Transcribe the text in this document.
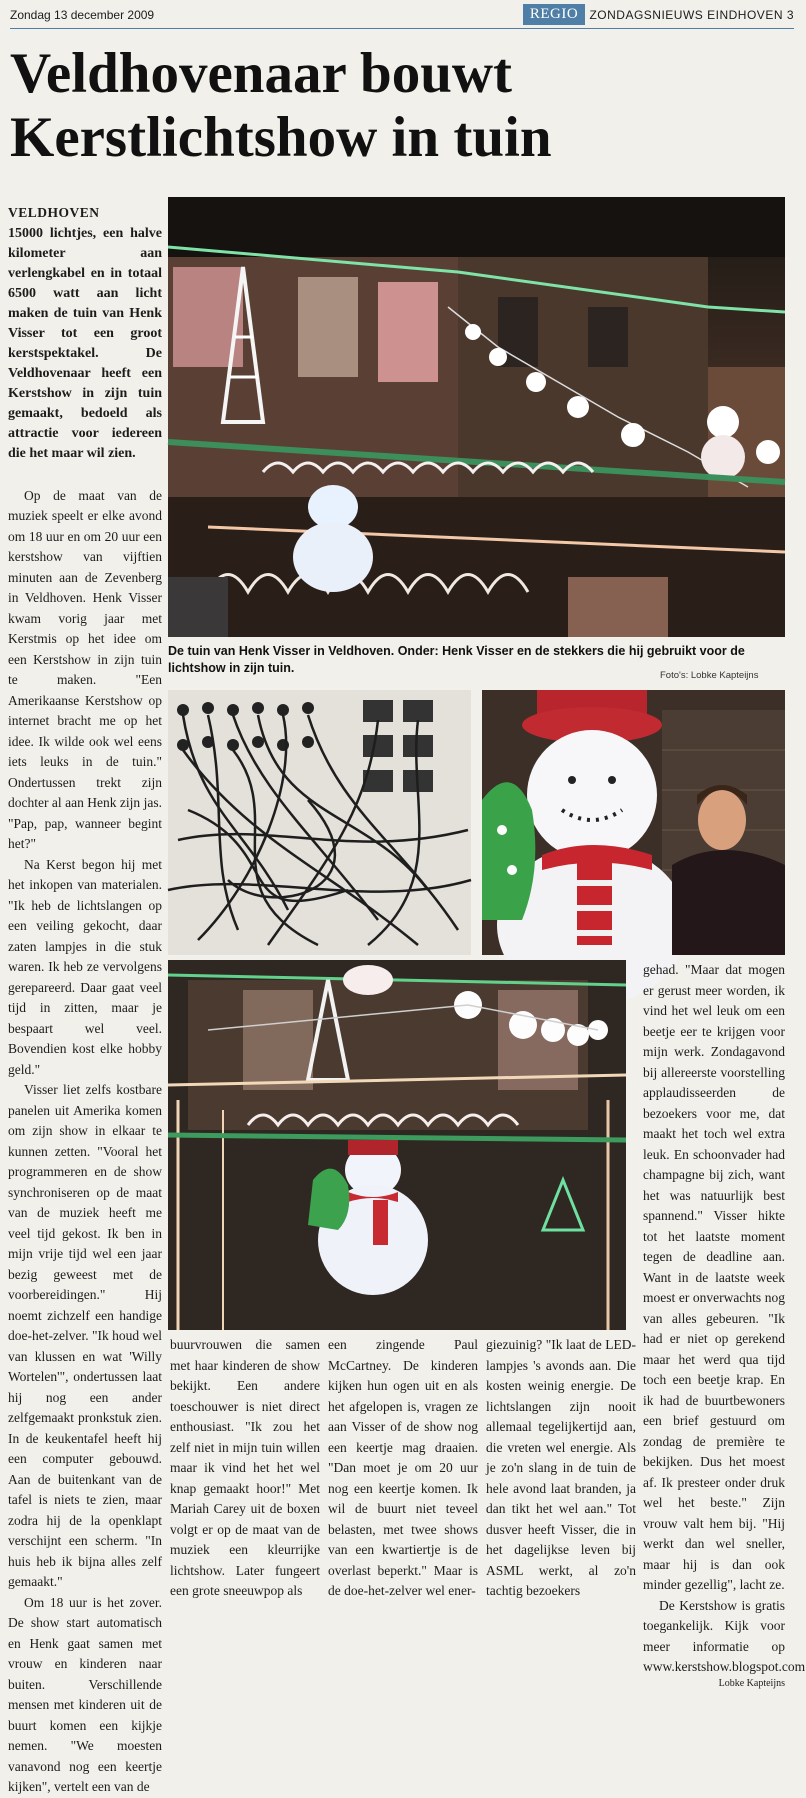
Zondag 13 december 2009	REGIO ZONDAGSNIEUWS EINDHOVEN 3
Veldhovenaar bouwt Kerstlichtshow in tuin

VELDHOVEN

15000 lichtjes, een halve kilometer aan verlengkabel en in totaal 6500 watt aan licht maken de tuin van Henk Visser tot een groot kerstspektakel. De Veldhovenaar heeft een Kerstshow in zijn tuin gemaakt, bedoeld als attractie voor iedereen die het maar wil zien.

Op de maat van de muziek speelt er elke avond om 18 uur en om 20 uur een kerstshow van vijftien minuten aan de Zevenberg in Veldhoven. Henk Visser kwam vorig jaar met Kerstmis op het idee om een Kerstshow in zijn tuin te maken. "Een Amerikaanse Kerstshow op internet bracht me op het idee. Ik wilde ook wel eens iets leuks in de tuin." Ondertussen trekt zijn dochter al aan Henk zijn jas. "Pap, pap, wanneer begint het?"

Na Kerst begon hij met het inkopen van materialen. "Ik heb de lichtslangen op een veiling gekocht, daar zaten lampjes in die stuk waren. Ik heb ze vervolgens gerepareerd. Daar gaat veel tijd in zitten, maar je bespaart wel veel. Bovendien kost elke hobby geld."

Visser liet zelfs kostbare panelen uit Amerika komen om zijn show in elkaar te kunnen zetten. "Vooral het programmeren en de show synchroniseren op de maat van de muziek heeft me veel tijd gekost. Ik ben in mijn vrije tijd wel een jaar bezig geweest met de voorbereidingen." Hij noemt zichzelf een handige doe-het-zelver. "Ik houd wel van klussen en wat 'Willy Wortelen'", ondertussen laat hij nog een ander zelfgemaakt pronkstuk zien. In de keukentafel heeft hij een computer gebouwd. Aan de buitenkant van de tafel is niets te zien, maar zodra hij de la openklapt verschijnt een scherm. "In huis heb ik bijna alles zelf gemaakt."

Om 18 uur is het zover. De show start automatisch en Henk gaat samen met vrouw en kinderen naar buiten. Verschillende mensen met kinderen uit de buurt komen een kijkje nemen. "We moesten vanavond nog een keertje kijken", vertelt een van de

De tuin van Henk Visser in Veldhoven. Onder: Henk Visser en de stekkers die hij gebruikt voor de lichtshow in zijn tuin.
Foto's: Lobke Kapteijns

buurvrouwen die samen met haar kinderen de show bekijkt. Een andere toeschouwer is niet direct enthousiast. "Ik zou het zelf niet in mijn tuin willen maar ik vind het het wel knap gemaakt hoor!" Met Mariah Carey uit de boxen volgt er op de maat van de muziek een kleurrijke lichtshow. Later fungeert een grote sneeuwpop als

een zingende Paul McCartney. De kinderen kijken hun ogen uit en als het afgelopen is, vragen ze aan Visser of de show nog een keertje mag draaien. "Dan moet je om 20 uur nog een keertje komen. Ik wil de buurt niet teveel belasten, met twee shows van een kwartiertje is de overlast beperkt." Maar is de doe-het-zelver wel ener-

giezuinig? "Ik laat de LED-lampjes 's avonds aan. Die kosten weinig energie. De lichtslangen zijn nooit allemaal tegelijkertijd aan, die vreten wel energie. Als je zo'n slang in de tuin de hele avond laat branden, ja dan tikt het wel aan." Tot dusver heeft Visser, die in het dagelijkse leven bij ASML werkt, al zo'n tachtig bezoekers

gehad. "Maar dat mogen er gerust meer worden, ik vind het wel leuk om een beetje eer te krijgen voor mijn werk. Zondagavond bij allereerste voorstelling applaudisseerden de bezoekers voor me, dat maakt het toch wel extra leuk. En schoonvader had champagne bij zich, want het was natuurlijk best spannend." Visser hikte tot het laatste moment tegen de deadline aan. Want in de laatste week moest er onverwachts nog van alles gebeuren. "Ik had er niet op gerekend maar het werd qua tijd toch een beetje krap. En ik had de buurtbewoners een brief gestuurd om zondag de première te bekijken. Dus het moest af. Ik presteer onder druk wel het beste." Zijn vrouw valt hem bij. "Hij werkt dan wel sneller, maar hij is dan ook minder gezellig", lacht ze.

De Kerstshow is gratis toegankelijk. Kijk voor meer informatie op www.kerstshow.blogspot.com

Lobke Kapteijns
